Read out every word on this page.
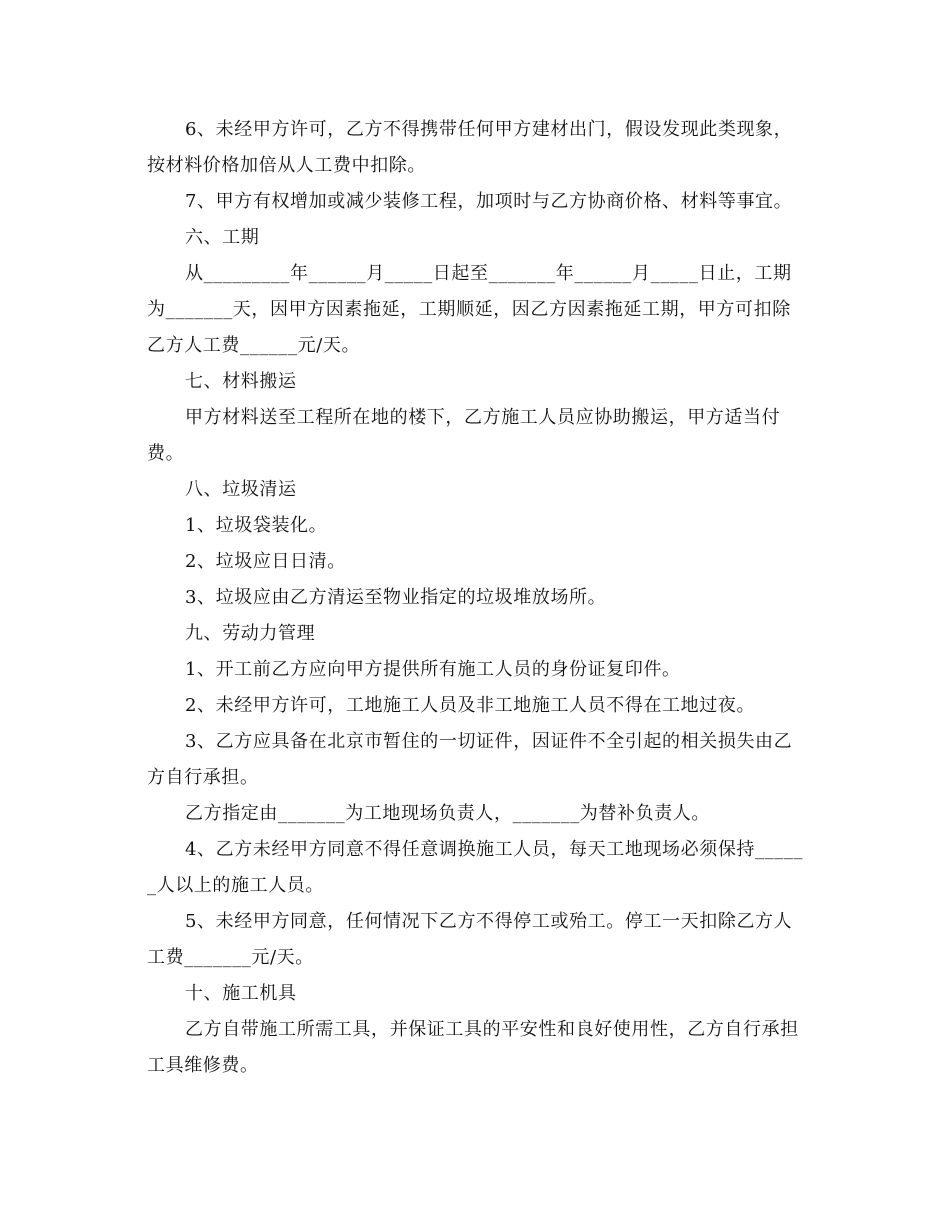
6、未经甲方许可，乙方不得携带任何甲方建材出门，假设发现此类现象，按材料价格加倍从人工费中扣除。

7、甲方有权增加或减少装修工程，加项时与乙方协商价格、材料等事宜。

六、工期

从_________年______月_____日起至_______年______月_____日止，工期为_______天，因甲方因素拖延，工期顺延，因乙方因素拖延工期，甲方可扣除乙方人工费______元/天。

七、材料搬运

甲方材料送至工程所在地的楼下，乙方施工人员应协助搬运，甲方适当付费。

八、垃圾清运

1、垃圾袋装化。

2、垃圾应日日清。

3、垃圾应由乙方清运至物业指定的垃圾堆放场所。

九、劳动力管理

1、开工前乙方应向甲方提供所有施工人员的身份证复印件。

2、未经甲方许可，工地施工人员及非工地施工人员不得在工地过夜。

3、乙方应具备在北京市暂住的一切证件，因证件不全引起的相关损失由乙方自行承担。

乙方指定由_______为工地现场负责人，_______为替补负责人。

4、乙方未经甲方同意不得任意调换施工人员，每天工地现场必须保持______人以上的施工人员。

5、未经甲方同意，任何情况下乙方不得停工或殆工。停工一天扣除乙方人工费_______元/天。

十、施工机具

乙方自带施工所需工具，并保证工具的平安性和良好使用性，乙方自行承担工具维修费。
